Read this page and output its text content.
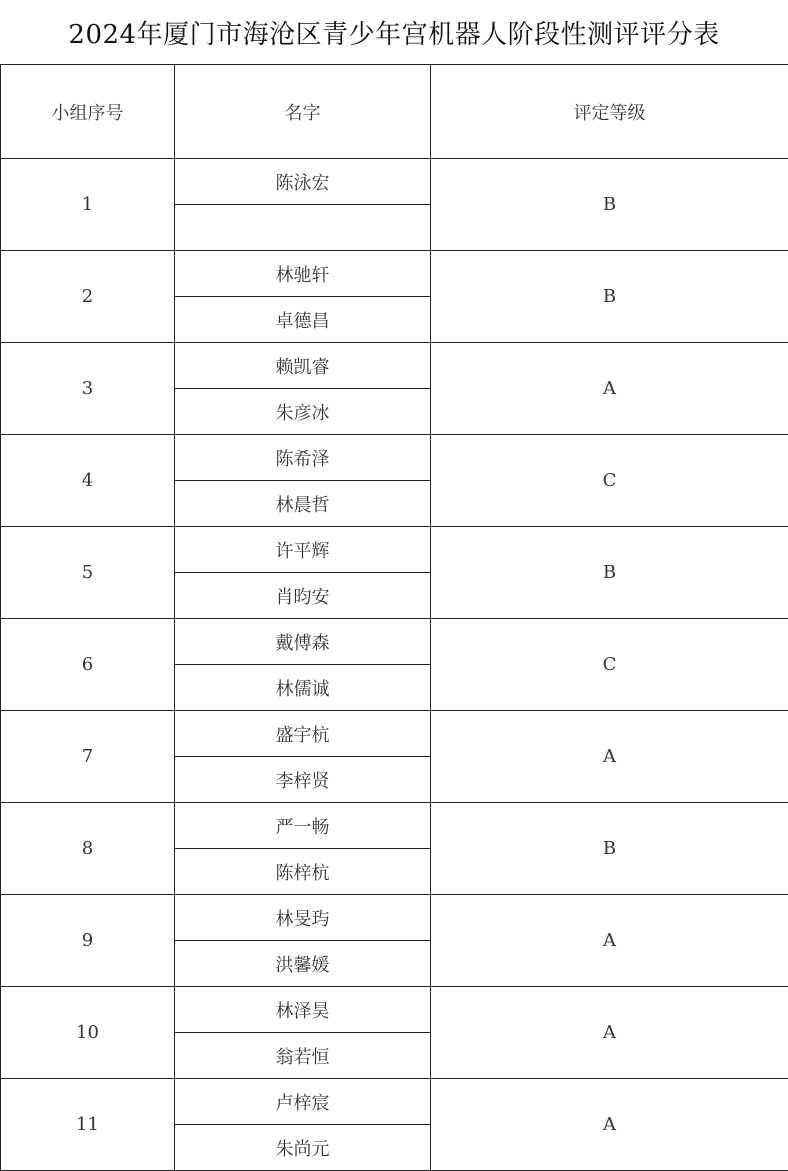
2024年厦门市海沧区青少年宫机器人阶段性测评评分表
小组序号	名字	评定等级
1	陈泳宏	B

2	林驰轩	B
	卓德昌	
3	赖凯睿	A
	朱彦冰	
4	陈希泽	C
	林晨哲	
5	许平辉	B
	肖昀安	
6	戴傅森	C
	林儒诚	
7	盛宇杭	A
	李梓贤	
8	严一畅	B
	陈梓杭	
9	林旻玙	A
	洪馨媛	
10	林泽昊	A
	翁若恒	
11	卢梓宸	A
	朱尚元	
